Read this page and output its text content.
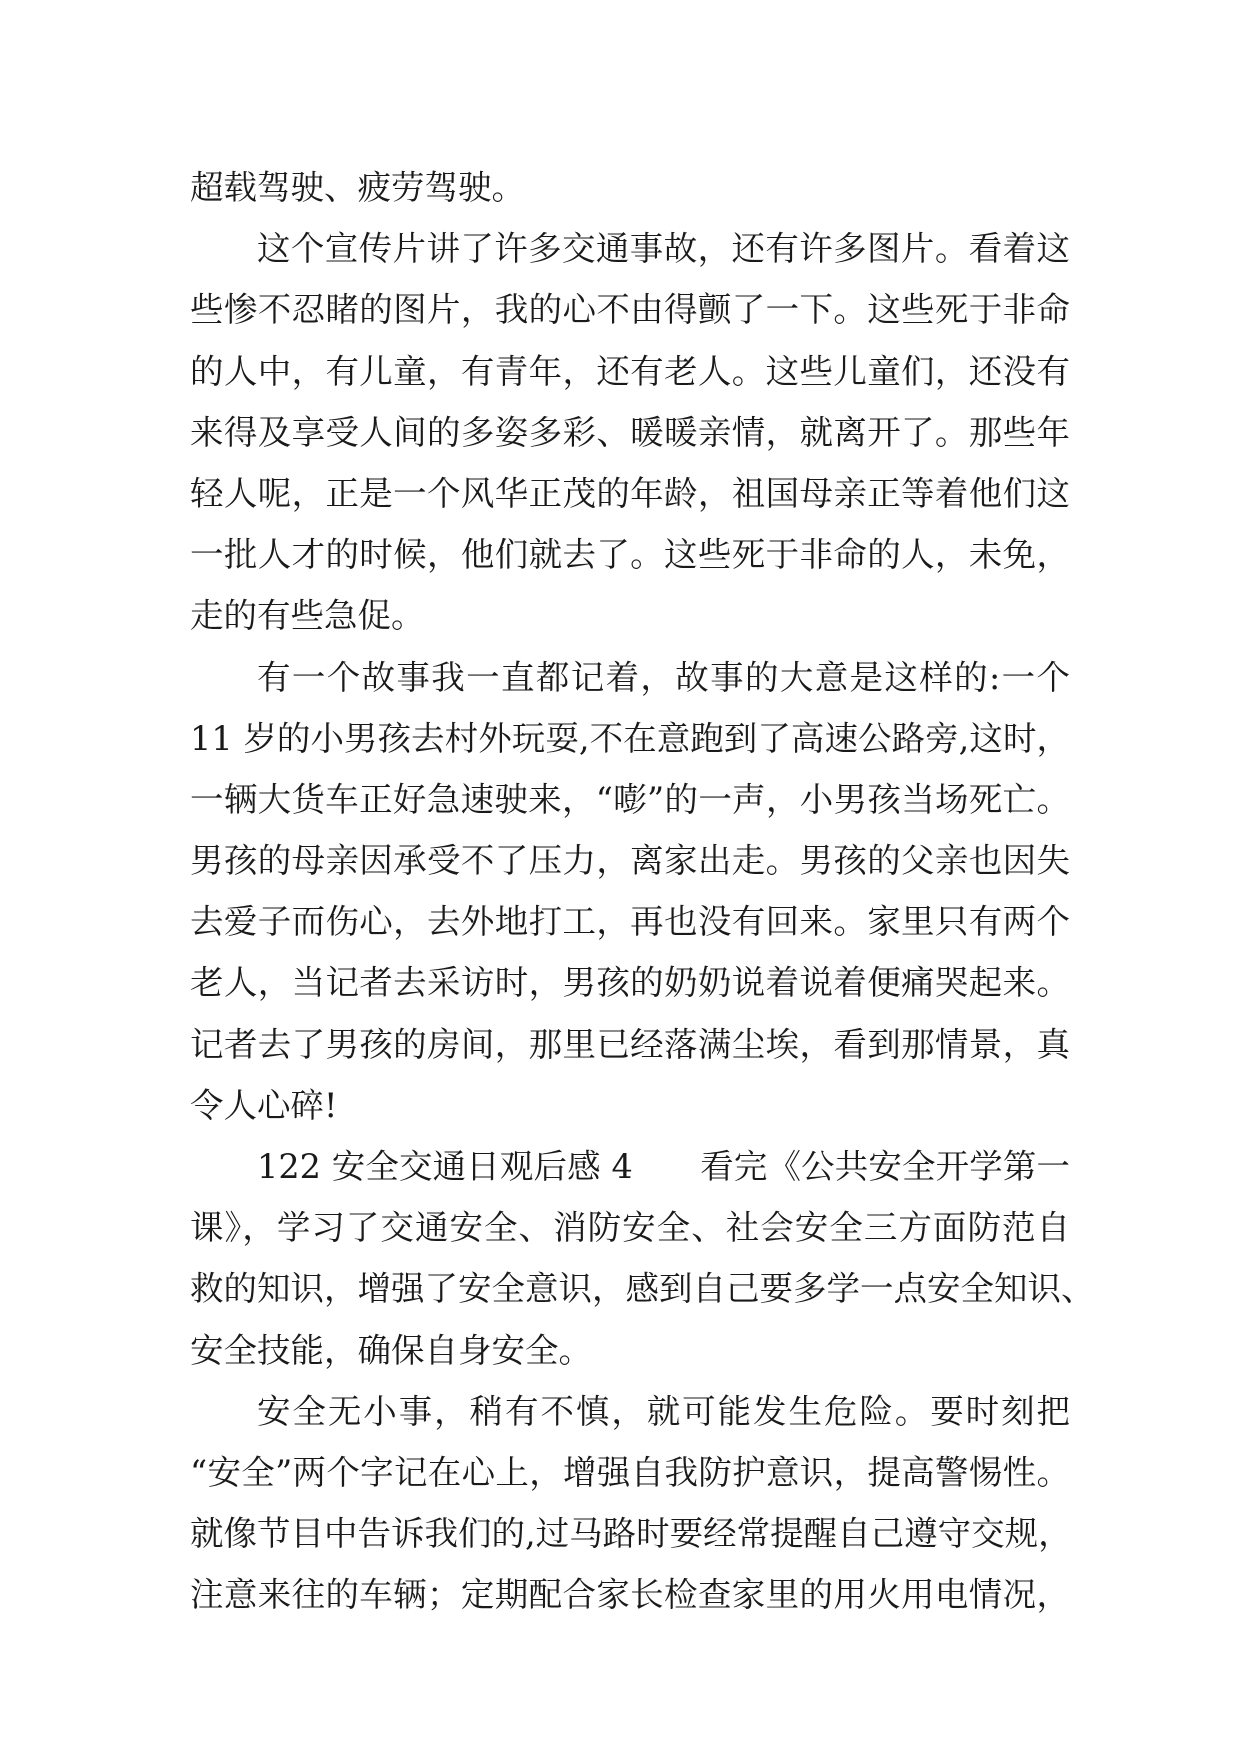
超载驾驶、疲劳驾驶。
这个宣传片讲了许多交通事故，还有许多图片。看着这
些惨不忍睹的图片，我的心不由得颤了一下。这些死于非命
的人中，有儿童，有青年，还有老人。这些儿童们，还没有
来得及享受人间的多姿多彩、暖暖亲情，就离开了。那些年
轻人呢，正是一个风华正茂的年龄，祖国母亲正等着他们这
一批人才的时候，他们就去了。这些死于非命的人，未免，
走的有些急促。
有一个故事我一直都记着，故事的大意是这样的:一个
11 岁的小男孩去村外玩耍,不在意跑到了高速公路旁,这时，
一辆大货车正好急速驶来，“嘭”的一声，小男孩当场死亡。
男孩的母亲因承受不了压力，离家出走。男孩的父亲也因失
去爱子而伤心，去外地打工，再也没有回来。家里只有两个
老人，当记者去采访时，男孩的奶奶说着说着便痛哭起来。
记者去了男孩的房间，那里已经落满尘埃，看到那情景，真
令人心碎!
122 安全交通日观后感 4　　看完《公共安全开学第一
课》，学习了交通安全、消防安全、社会安全三方面防范自
救的知识，增强了安全意识，感到自己要多学一点安全知识、
安全技能，确保自身安全。
安全无小事，稍有不慎，就可能发生危险。要时刻把
“安全”两个字记在心上，增强自我防护意识，提高警惕性。
就像节目中告诉我们的,过马路时要经常提醒自己遵守交规，
注意来往的车辆；定期配合家长检查家里的用火用电情况，
